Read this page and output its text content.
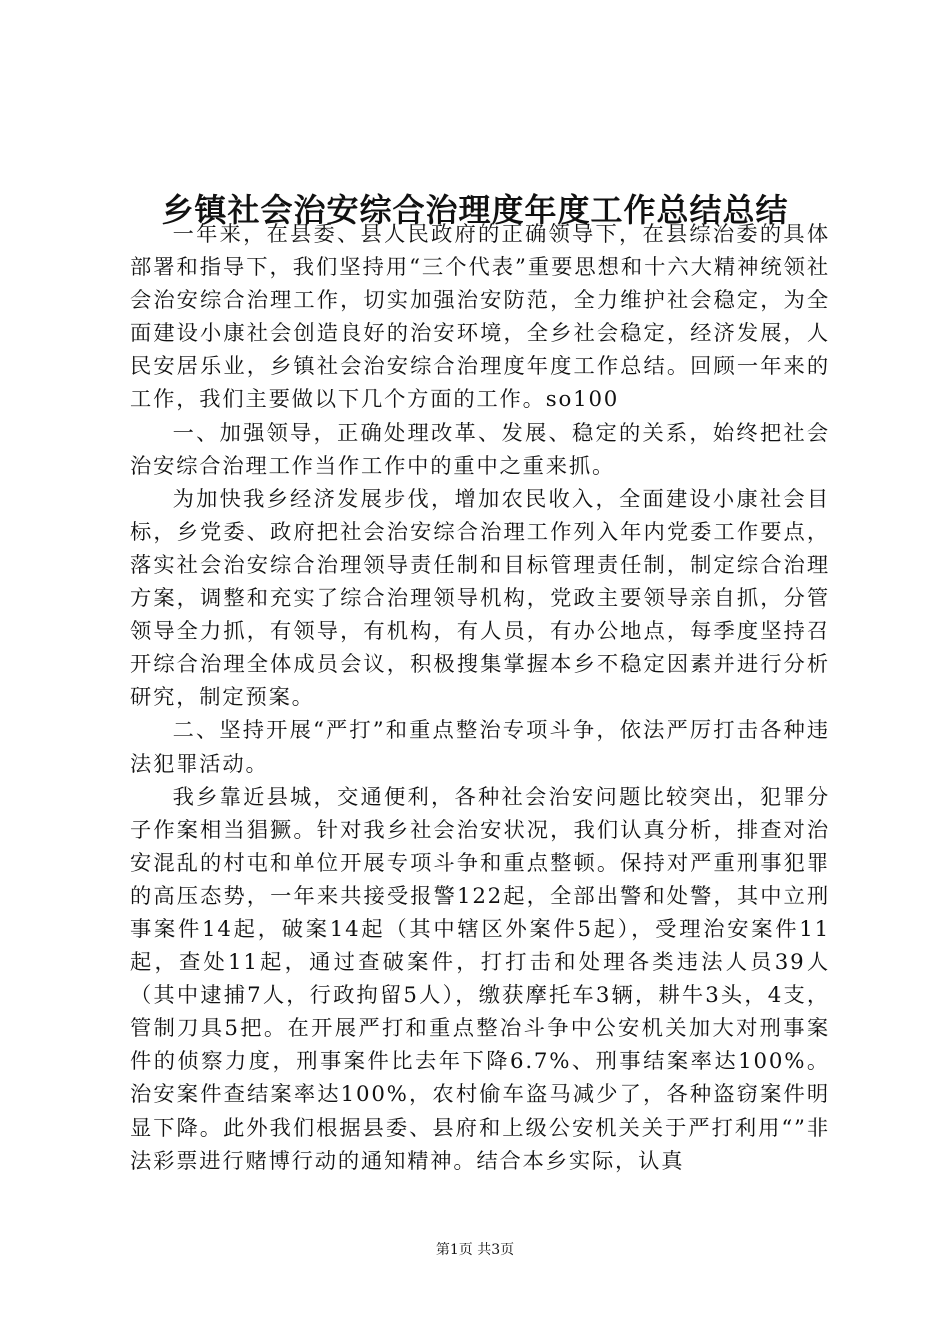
乡镇社会治安综合治理度年度工作总结总结

一年来，在县委、县人民政府的正确领导下，在县综治委的具体部署和指导下，我们坚持用“三个代表”重要思想和十六大精神统领社会治安综合治理工作，切实加强治安防范，全力维护社会稳定，为全面建设小康社会创造良好的治安环境，全乡社会稳定，经济发展，人民安居乐业，乡镇社会治安综合治理度年度工作总结。回顾一年来的工作，我们主要做以下几个方面的工作。so100

一、加强领导，正确处理改革、发展、稳定的关系，始终把社会治安综合治理工作当作工作中的重中之重来抓。

为加快我乡经济发展步伐，增加农民收入，全面建设小康社会目标，乡党委、政府把社会治安综合治理工作列入年内党委工作要点，落实社会治安综合治理领导责任制和目标管理责任制，制定综合治理方案，调整和充实了综合治理领导机构，党政主要领导亲自抓，分管领导全力抓，有领导，有机构，有人员，有办公地点，每季度坚持召开综合治理全体成员会议，积极搜集掌握本乡不稳定因素并进行分析研究，制定预案。

二、坚持开展“严打”和重点整治专项斗争，依法严厉打击各种违法犯罪活动。

我乡靠近县城，交通便利，各种社会治安问题比较突出，犯罪分子作案相当猖獗。针对我乡社会治安状况，我们认真分析，排查对治安混乱的村屯和单位开展专项斗争和重点整顿。保持对严重刑事犯罪的高压态势，一年来共接受报警122起，全部出警和处警，其中立刑事案件14起，破案14起（其中辖区外案件5起），受理治安案件11起，查处11起，通过查破案件，打打击和处理各类违法人员39人（其中逮捕7人，行政拘留5人），缴获摩托车3辆，耕牛3头，4支，管制刀具5把。在开展严打和重点整冶斗争中公安机关加大对刑事案件的侦察力度，刑事案件比去年下降6.7%、刑事结案率达100%。治安案件查结案率达100%，农村偷车盗马减少了，各种盗窃案件明显下降。此外我们根据县委、县府和上级公安机关关于严打利用“”非法彩票进行赌博行动的通知精神。结合本乡实际，认真

第1页 共3页
